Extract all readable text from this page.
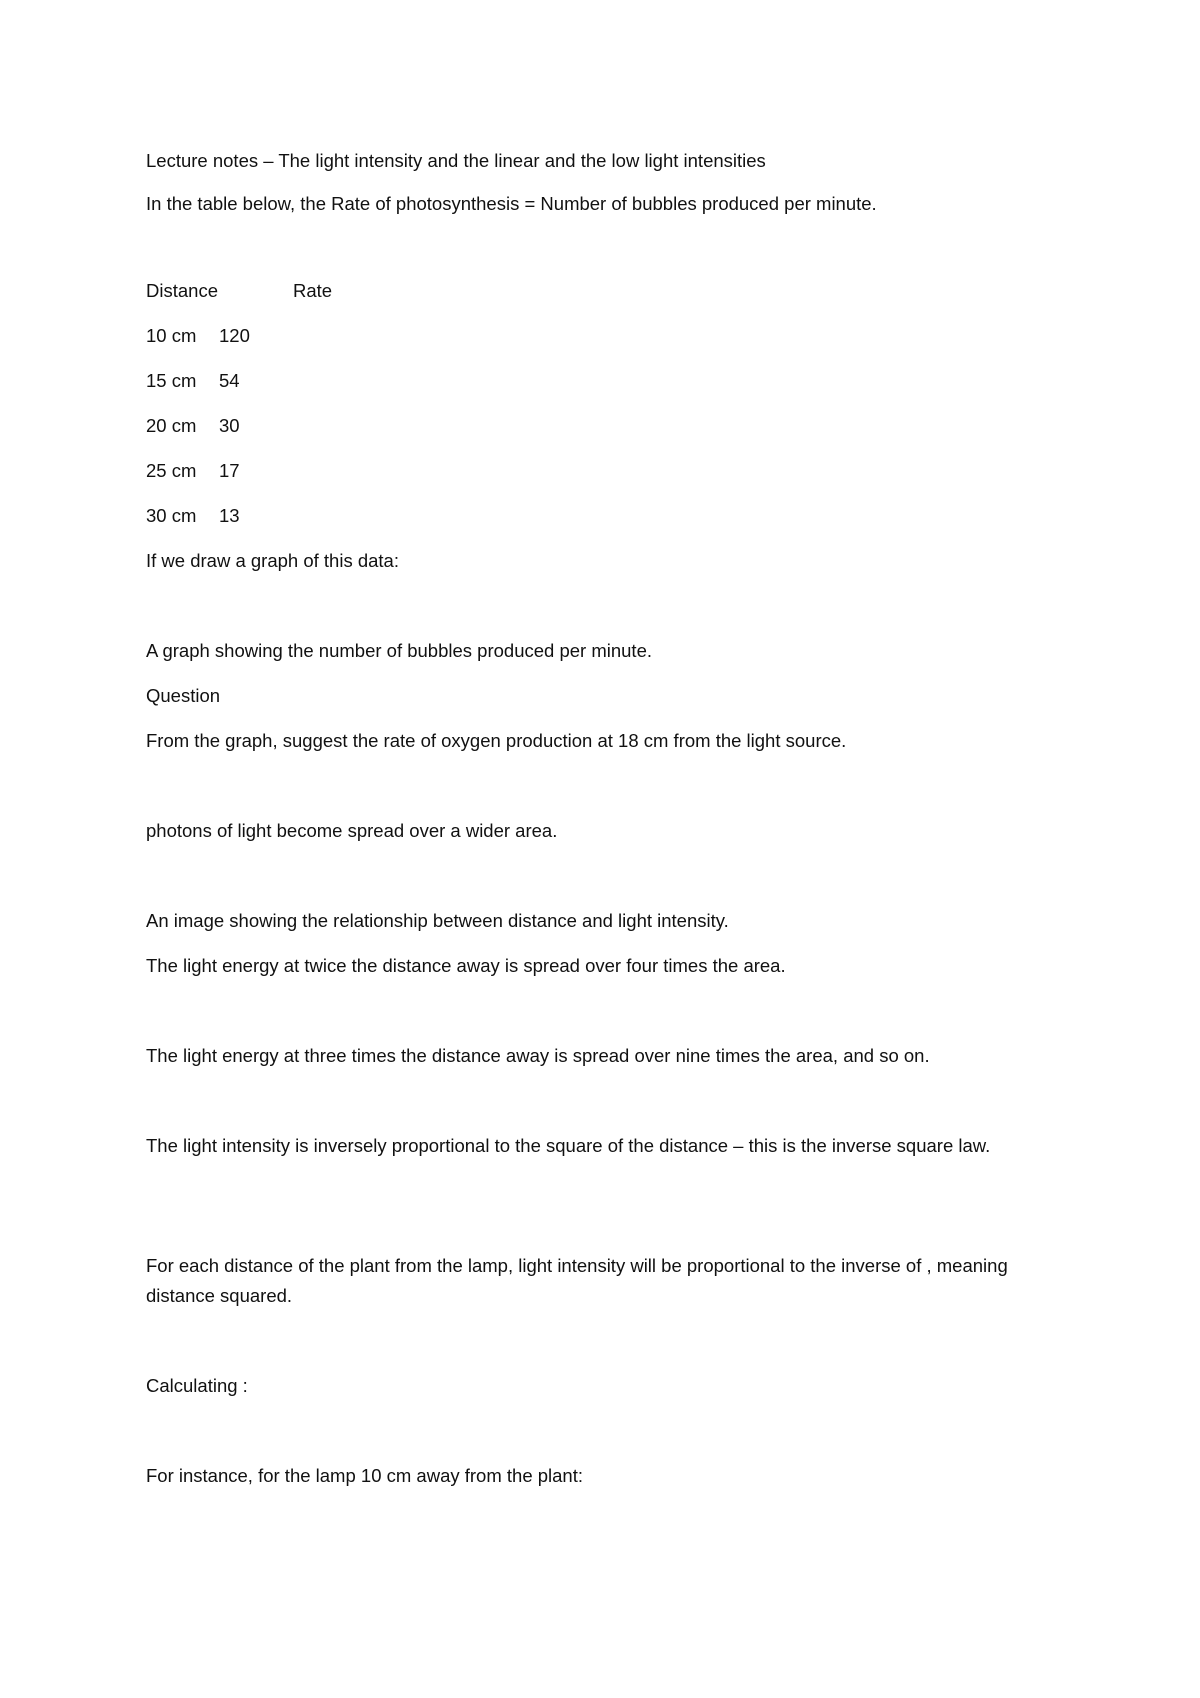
Lecture notes – The light intensity and the linear and the low light intensities
In the table below, the Rate of photosynthesis = Number of bubbles produced per minute.
Distance	Rate
10 cm 120
15 cm 54
20 cm 30
25 cm 17
30 cm 13
If we draw a graph of this data:
A graph showing the number of bubbles produced per minute.
Question
From the graph, suggest the rate of oxygen production at 18 cm from the light source.
photons of light become spread over a wider area.
An image showing the relationship between distance and light intensity.
The light energy at twice the distance away is spread over four times the area.
The light energy at three times the distance away is spread over nine times the area, and so on.
The light intensity is inversely proportional to the square of the distance – this is the inverse square law.
For each distance of the plant from the lamp, light intensity will be proportional to the inverse of , meaning distance squared.
Calculating :
For instance, for the lamp 10 cm away from the plant:
